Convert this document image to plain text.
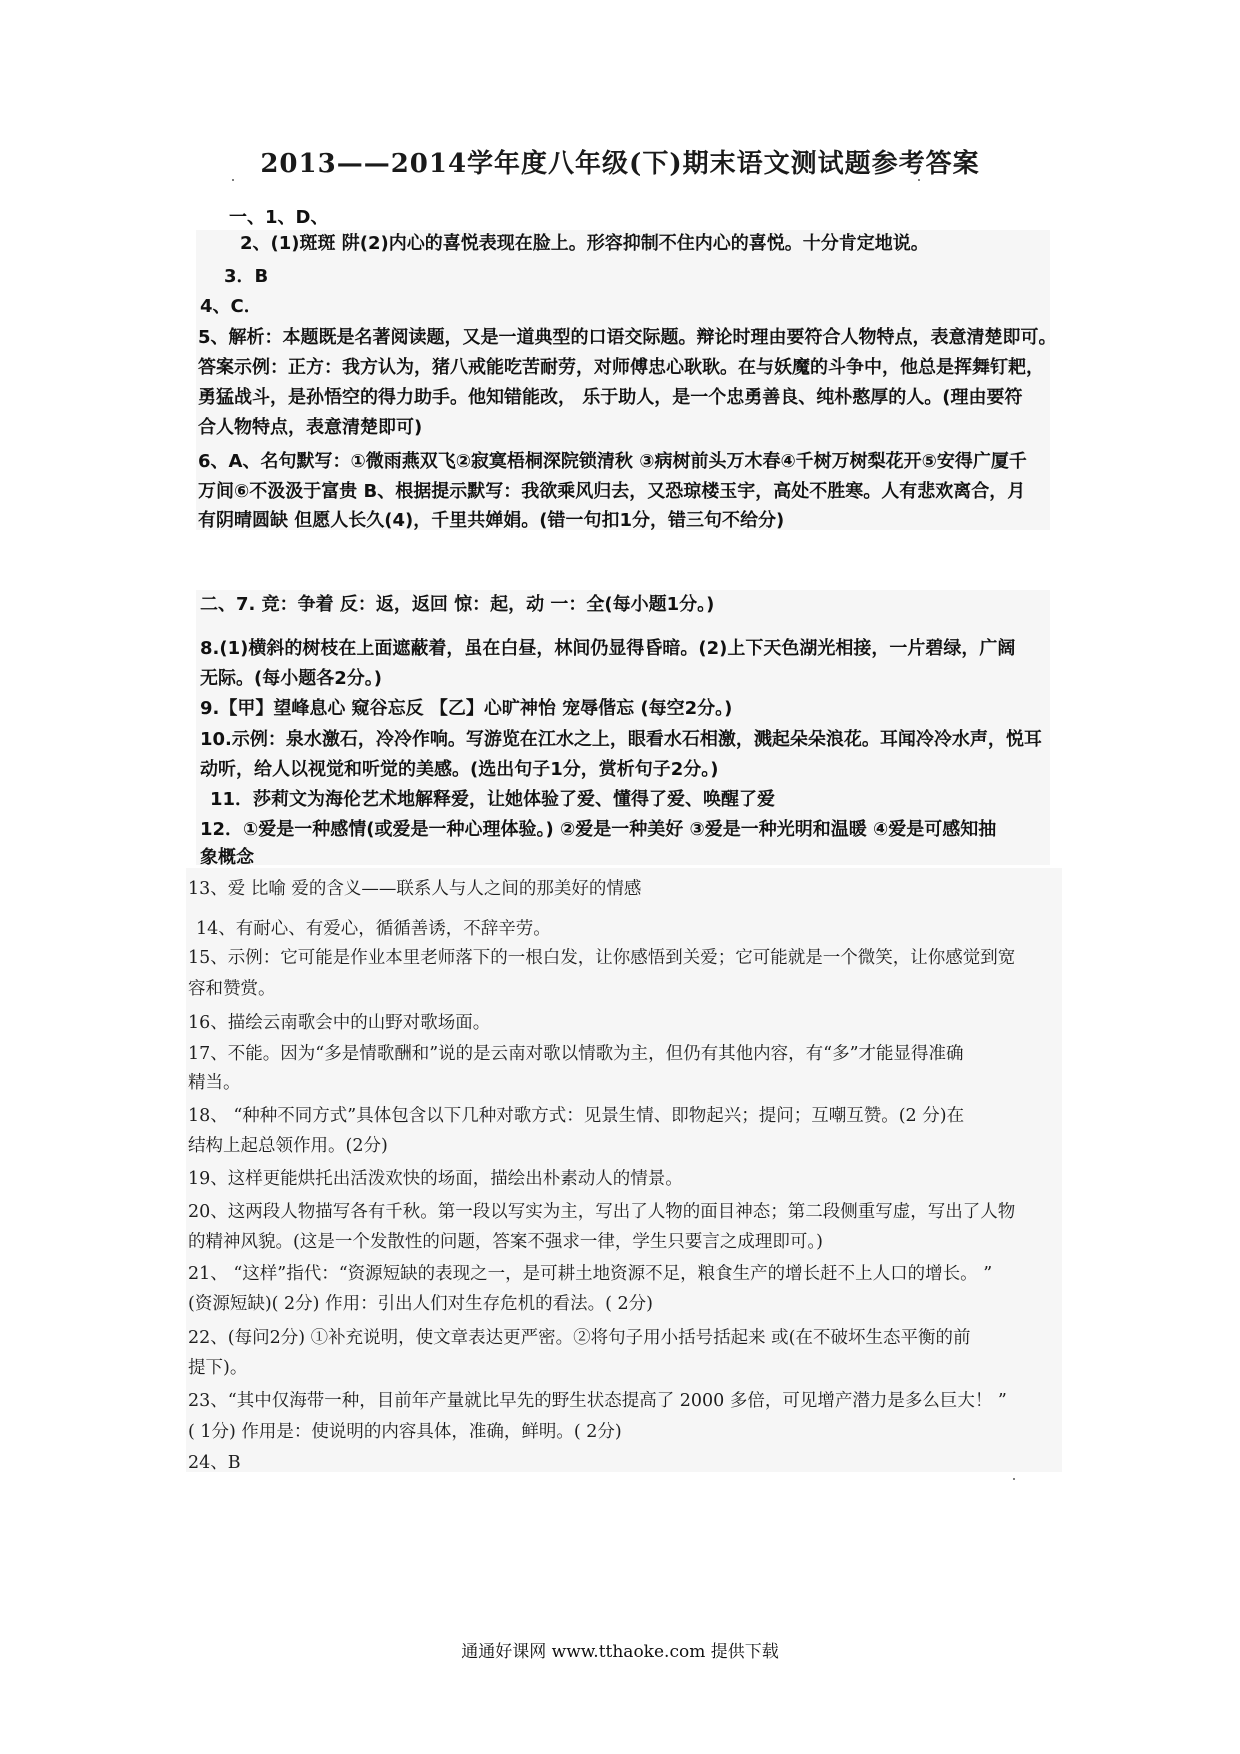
2013——2014学年度八年级(下)期末语文测试题参考答案
一、1、D、
2、(1)斑斑 阱(2)内心的喜悦表现在脸上。形容抑制不住内心的喜悦。十分肯定地说。
3．B
4、C．
5、解析：本题既是名著阅读题，又是一道典型的口语交际题。辩论时理由要符合人物特点，表意清楚即可。
答案示例：正方：我方认为，猪八戒能吃苦耐劳，对师傅忠心耿耿。在与妖魔的斗争中，他总是挥舞钉耙，
勇猛战斗，是孙悟空的得力助手。他知错能改， 乐于助人，是一个忠勇善良、纯朴憨厚的人。(理由要符
合人物特点，表意清楚即可)
6、A、名句默写：①微雨燕双飞②寂寞梧桐深院锁清秋 ③病树前头万木春④千树万树梨花开⑤安得广厦千
万间⑥不汲汲于富贵 B、根据提示默写：我欲乘风归去，又恐琼楼玉宇，高处不胜寒。人有悲欢离合，月
有阴晴圆缺 但愿人长久(4)，千里共婵娟。(错一句扣1分，错三句不给分)
二、7. 竞：争着 反：返，返回 惊：起，动 一：全(每小题1分。)
8.(1)横斜的树枝在上面遮蔽着，虽在白昼，林间仍显得昏暗。(2)上下天色湖光相接，一片碧绿，广阔
无际。(每小题各2分。)
9.【甲】望峰息心 窥谷忘反 【乙】心旷神怡 宠辱偕忘 (每空2分。)
10.示例：泉水激石，冷冷作响。写游览在江水之上，眼看水石相激，溅起朵朵浪花。耳闻冷冷水声，悦耳
动听，给人以视觉和听觉的美感。(选出句子1分，赏析句子2分。)
11．莎莉文为海伦艺术地解释爱，让她体验了爱、懂得了爱、唤醒了爱
12．①爱是一种感情(或爱是一种心理体验。) ②爱是一种美好 ③爱是一种光明和温暖 ④爱是可感知抽
象概念
13、爱 比喻 爱的含义——联系人与人之间的那美好的情感
14、有耐心、有爱心，循循善诱，不辞辛劳。
15、示例：它可能是作业本里老师落下的一根白发，让你感悟到关爱；它可能就是一个微笑，让你感觉到宽
容和赞赏。
16、描绘云南歌会中的山野对歌场面。
17、不能。因为“多是情歌酬和”说的是云南对歌以情歌为主，但仍有其他内容，有“多”才能显得准确
精当。
18、 “种种不同方式”具体包含以下几种对歌方式：见景生情、即物起兴；提问；互嘲互赞。(2 分)在
结构上起总领作用。(2分)
19、这样更能烘托出活泼欢快的场面，描绘出朴素动人的情景。
20、这两段人物描写各有千秋。第一段以写实为主，写出了人物的面目神态；第二段侧重写虚，写出了人物
的精神风貌。(这是一个发散性的问题，答案不强求一律，学生只要言之成理即可。)
21、 “这样”指代：“资源短缺的表现之一，是可耕土地资源不足，粮食生产的增长赶不上人口的增长。 ”
(资源短缺)( 2分) 作用：引出人们对生存危机的看法。( 2分)
22、(每问2分) ①补充说明，使文章表达更严密。②将句子用小括号括起来 或(在不破坏生态平衡的前
提下)。
23、“其中仅海带一种，目前年产量就比早先的野生状态提高了 2000 多倍，可见增产潜力是多么巨大！ ”
( 1分) 作用是：使说明的内容具体，准确，鲜明。( 2分)
24、B
通通好课网 www.tthaoke.com 提供下载
